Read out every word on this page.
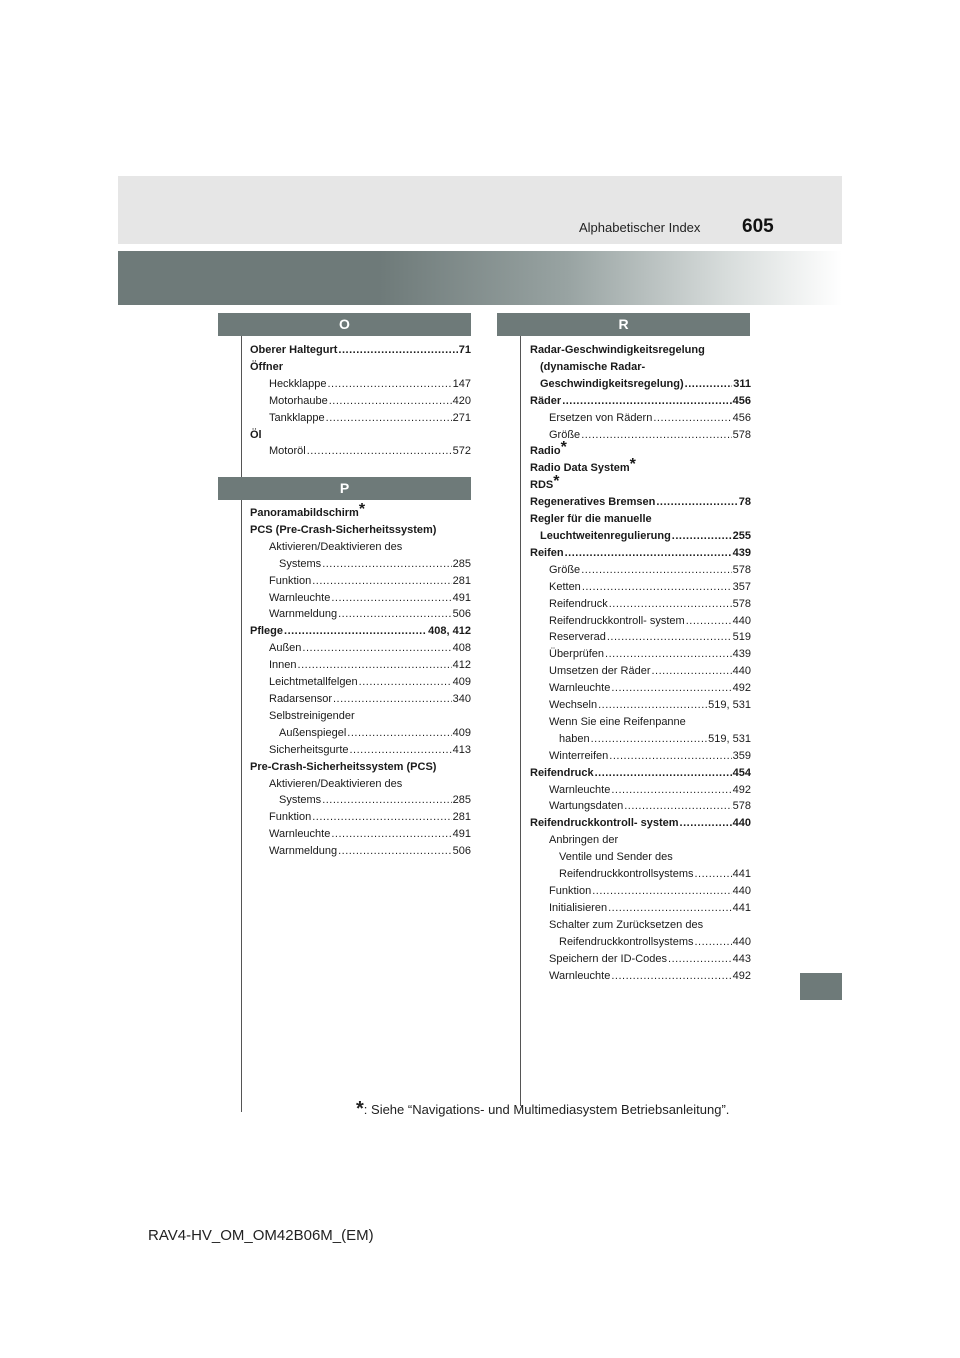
Alphabetischer Index 605
O
Oberer Haltegurt .....	71
Öffner
Heckklappe .....	147
Motorhaube .....	420
Tankklappe .....	271
Öl
Motoröl .....	572
P
Panoramabildschirm*
PCS (Pre-Crash-Sicherheitssystem)
Aktivieren/Deaktivieren des
Systems .....	285
Funktion .....	281
Warnleuchte .....	491
Warnmeldung .....	506
Pflege .....	408, 412
Außen .....	408
Innen .....	412
Leichtmetallfelgen .....	409
Radarsensor .....	340
Selbstreinigender
Außenspiegel .....	409
Sicherheitsgurte .....	413
Pre-Crash-Sicherheitssystem (PCS)
Aktivieren/Deaktivieren des
Systems .....	285
Funktion .....	281
Warnleuchte .....	491
Warnmeldung .....	506
R
Radar-Geschwindigkeitsregelung
(dynamische Radar-
Geschwindigkeitsregelung) .....	311
Räder .....	456
Ersetzen von Rädern .....	456
Größe .....	578
Radio*
Radio Data System*
RDS*
Regeneratives Bremsen .....	78
Regler für die manuelle
Leuchtweitenregulierung .....	255
Reifen .....	439
Größe .....	578
Ketten .....	357
Reifendruck .....	578
Reifendruckkontroll- system .....	440
Reserverad .....	519
Überprüfen .....	439
Umsetzen der Räder .....	440
Warnleuchte .....	492
Wechseln .....	519, 531
Wenn Sie eine Reifenpanne
haben .....	519, 531
Winterreifen .....	359
Reifendruck .....	454
Warnleuchte .....	492
Wartungsdaten .....	578
Reifendruckkontroll- system .....	440
Anbringen der
Ventile und Sender des
Reifendruckkontrollsystems .....	441
Funktion .....	440
Initialisieren .....	441
Schalter zum Zurücksetzen des
Reifendruckkontrollsystems .....	440
Speichern der ID-Codes .....	443
Warnleuchte .....	492
*: Siehe “Navigations- und Multimediasystem Betriebsanleitung”.
RAV4-HV_OM_OM42B06M_(EM)
